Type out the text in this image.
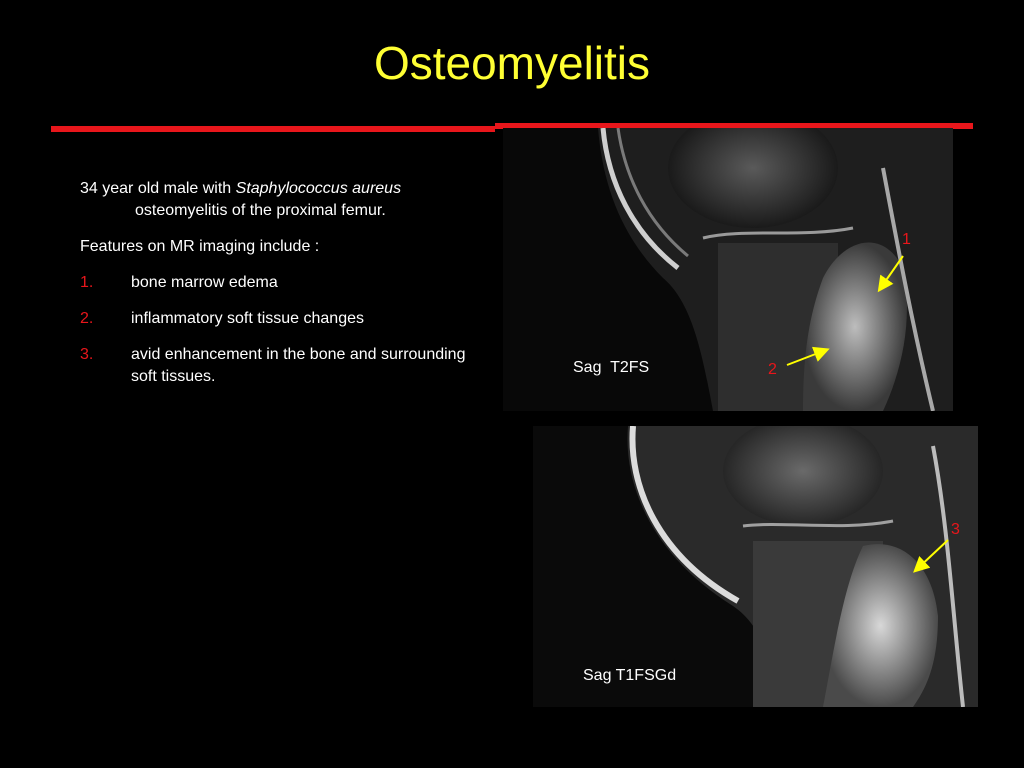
Osteomyelitis

34 year old male with Staphylococcus aureus osteomyelitis of the proximal femur.

Features on MR imaging include :

1. bone marrow edema
2. inflammatory soft tissue changes
3. avid enhancement in the bone and surrounding soft tissues.
Sag  T2FS
Sag T1FSGd
1
2
3
